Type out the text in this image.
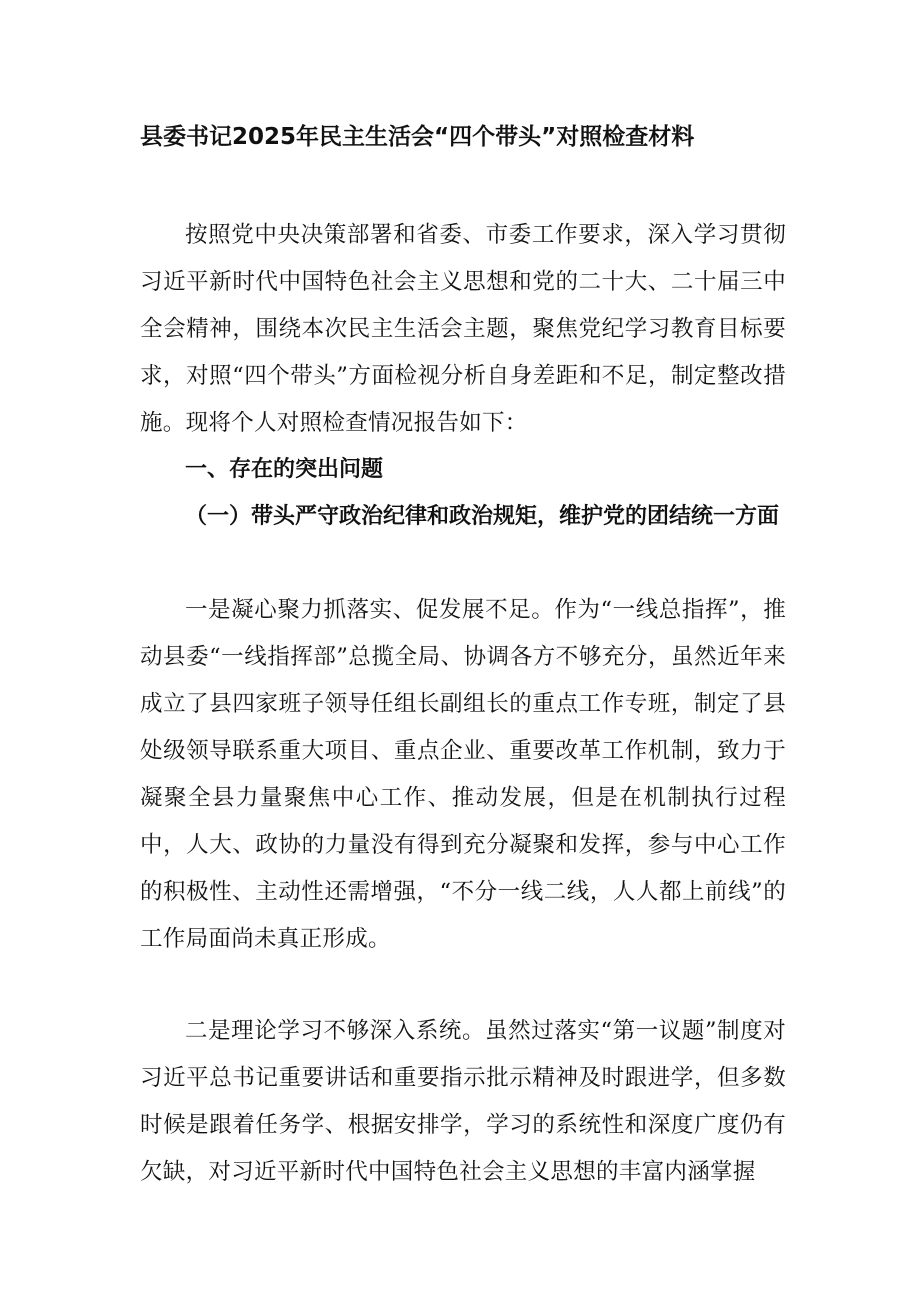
县委书记2025年民主生活会“四个带头”对照检查材料

按照党中央决策部署和省委、市委工作要求，深入学习贯彻习近平新时代中国特色社会主义思想和党的二十大、二十届三中全会精神，围绕本次民主生活会主题，聚焦党纪学习教育目标要求，对照“四个带头”方面检视分析自身差距和不足，制定整改措施。现将个人对照检查情况报告如下：

一、存在的突出问题
（一）带头严守政治纪律和政治规矩，维护党的团结统一方面

一是凝心聚力抓落实、促发展不足。作为“一线总指挥”，推动县委“一线指挥部”总揽全局、协调各方不够充分，虽然近年来成立了县四家班子领导任组长副组长的重点工作专班，制定了县处级领导联系重大项目、重点企业、重要改革工作机制，致力于凝聚全县力量聚焦中心工作、推动发展，但是在机制执行过程中，人大、政协的力量没有得到充分凝聚和发挥，参与中心工作的积极性、主动性还需增强，“不分一线二线，人人都上前线”的工作局面尚未真正形成。

二是理论学习不够深入系统。虽然过落实“第一议题”制度对习近平总书记重要讲话和重要指示批示精神及时跟进学，但多数时候是跟着任务学、根据安排学，学习的系统性和深度广度仍有欠缺，对习近平新时代中国特色社会主义思想的丰富内涵掌握
